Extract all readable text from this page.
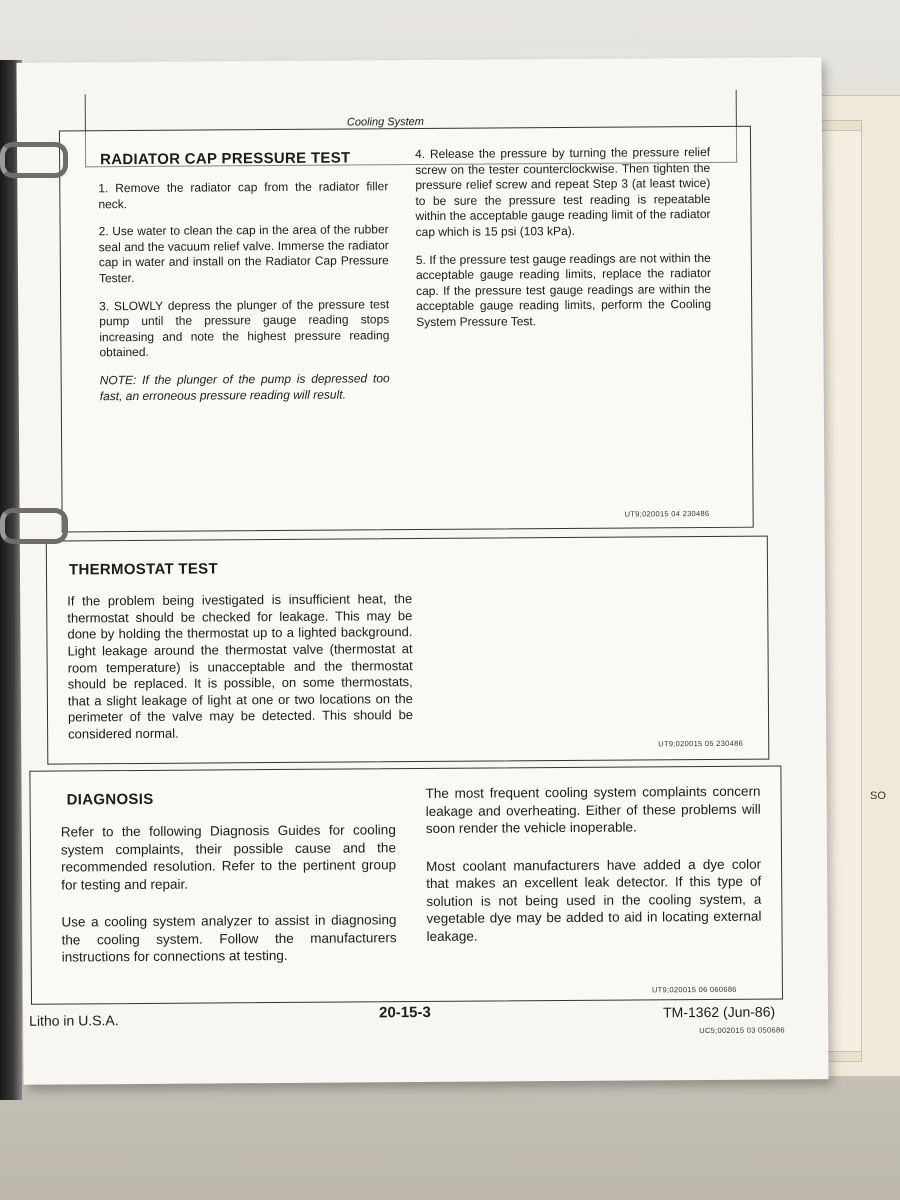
SO
Cooling System
RADIATOR CAP PRESSURE TEST

1. Remove the radiator cap from the radiator filler neck.

2. Use water to clean the cap in the area of the rubber seal and the vacuum relief valve. Immerse the radiator cap in water and install on the Radiator Cap Pressure Tester.

3. SLOWLY depress the plunger of the pressure test pump until the pressure gauge reading stops increasing and note the highest pressure reading obtained.

NOTE: If the plunger of the pump is depressed too fast, an erroneous pressure reading will result.

4. Release the pressure by turning the pressure relief screw on the tester counterclockwise. Then tighten the pressure relief screw and repeat Step 3 (at least twice) to be sure the pressure test reading is repeatable within the acceptable gauge reading limit of the radiator cap which is 15 psi (103 kPa).

5. If the pressure test gauge readings are not within the acceptable gauge reading limits, replace the radiator cap. If the pressure test gauge readings are within the acceptable gauge reading limits, perform the Cooling System Pressure Test.

UT9;020015 04 230486
THERMOSTAT TEST

If the problem being ivestigated is insufficient heat, the thermostat should be checked for leakage. This may be done by holding the thermostat up to a lighted background. Light leakage around the thermostat valve (thermostat at room temperature) is unacceptable and the thermostat should be replaced. It is possible, on some thermostats, that a slight leakage of light at one or two locations on the perimeter of the valve may be detected. This should be considered normal.

UT9;020015 05 230486
DIAGNOSIS

Refer to the following Diagnosis Guides for cooling system complaints, their possible cause and the recommended resolution. Refer to the pertinent group for testing and repair.

Use a cooling system analyzer to assist in diagnosing the cooling system. Follow the manufacturers instructions for connections at testing.

The most frequent cooling system complaints concern leakage and overheating. Either of these problems will soon render the vehicle inoperable.

Most coolant manufacturers have added a dye color that makes an excellent leak detector. If this type of solution is not being used in the cooling system, a vegetable dye may be added to aid in locating external leakage.

UT9;020015 06 060686
Litho in U.S.A.	20-15-3	TM-1362 (Jun-86)
UC5;002015 03 050686
